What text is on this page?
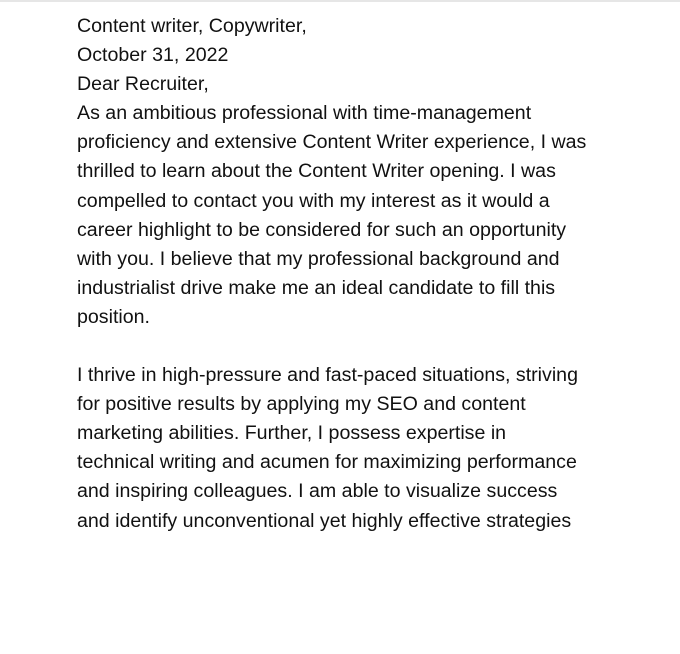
Content writer, Copywriter,

October 31, 2022

Dear Recruiter,

As an ambitious professional with time-management

proficiency and extensive Content Writer experience, I was

thrilled to learn about the Content Writer opening. I was

compelled to contact you with my interest as it would a

career highlight to be considered for such an opportunity

with you. I believe that my professional background and

industrialist drive make me an ideal candidate to fill this

position.

I thrive in high-pressure and fast-paced situations, striving

for positive results by applying my SEO and content

marketing abilities. Further, I possess expertise in

technical writing and acumen for maximizing performance

and inspiring colleagues. I am able to visualize success

and identify unconventional yet highly effective strategies
